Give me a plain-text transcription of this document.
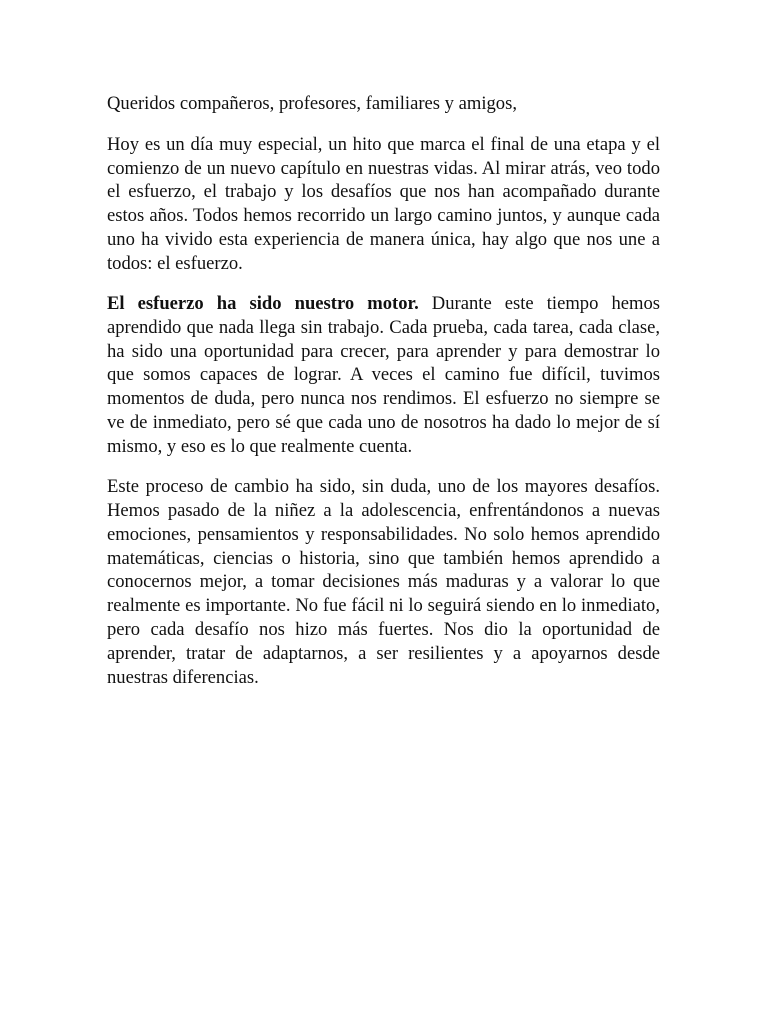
Queridos compañeros, profesores, familiares y amigos,

Hoy es un día muy especial, un hito que marca el final de una etapa y el comienzo de un nuevo capítulo en nuestras vidas. Al mirar atrás, veo todo el esfuerzo, el trabajo y los desafíos que nos han acompañado durante estos años. Todos hemos recorrido un largo camino juntos, y aunque cada uno ha vivido esta experiencia de manera única, hay algo que nos une a todos: el esfuerzo.

El esfuerzo ha sido nuestro motor. Durante este tiempo hemos aprendido que nada llega sin trabajo. Cada prueba, cada tarea, cada clase, ha sido una oportunidad para crecer, para aprender y para demostrar lo que somos capaces de lograr. A veces el camino fue difícil, tuvimos momentos de duda, pero nunca nos rendimos. El esfuerzo no siempre se ve de inmediato, pero sé que cada uno de nosotros ha dado lo mejor de sí mismo, y eso es lo que realmente cuenta.

Este proceso de cambio ha sido, sin duda, uno de los mayores desafíos. Hemos pasado de la niñez a la adolescencia, enfrentándonos a nuevas emociones, pensamientos y responsabilidades. No solo hemos aprendido matemáticas, ciencias o historia, sino que también hemos aprendido a conocernos mejor, a tomar decisiones más maduras y a valorar lo que realmente es importante. No fue fácil ni lo seguirá siendo en lo inmediato, pero cada desafío nos hizo más fuertes. Nos dio la oportunidad de aprender, tratar de adaptarnos, a ser resilientes y a apoyarnos desde nuestras diferencias.
